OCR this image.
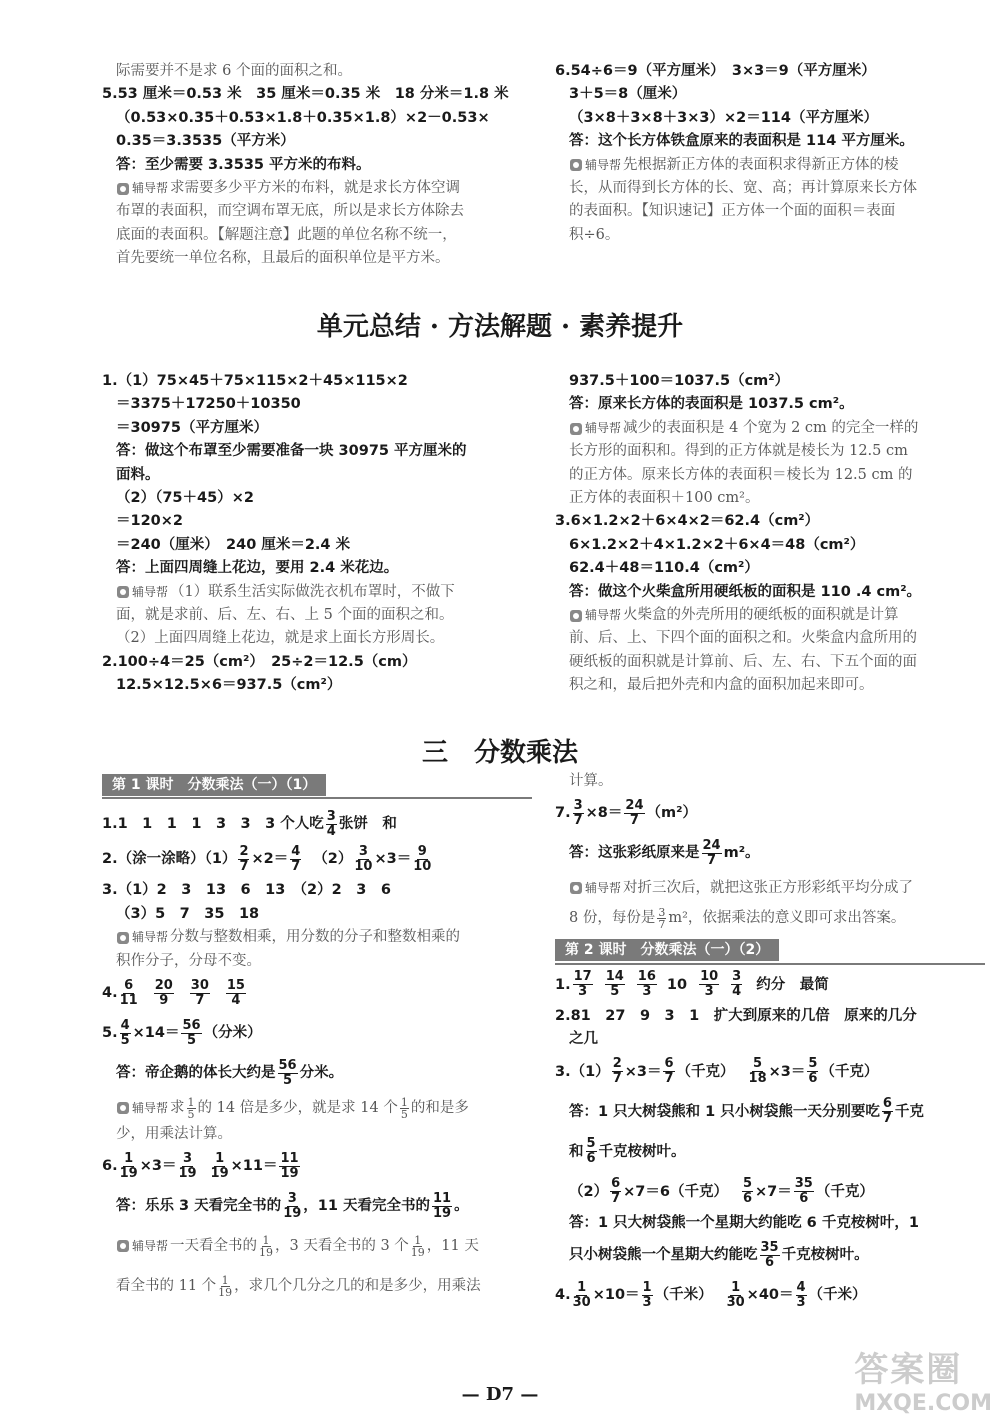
际需要并不是求 6 个面的面积之和。
5.53 厘米＝0.53 米　35 厘米＝0.35 米　18 分米＝1.8 米
（0.53×0.35＋0.53×1.8＋0.35×1.8）×2－0.53×
0.35＝3.3535（平方米）
答：至少需要 3.3535 平方米的布料。
辅导帮 求需要多少平方米的布料，就是求长方体空调
布罩的表面积，而空调布罩无底，所以是求长方体除去
底面的表面积。【解题注意】此题的单位名称不统一，
首先要统一单位名称，且最后的面积单位是平方米。
6.54÷6＝9（平方厘米）　3×3＝9（平方厘米）
3＋5＝8（厘米）
（3×8＋3×8＋3×3）×2＝114（平方厘米）
答：这个长方体铁盒原来的表面积是 114 平方厘米。
辅导帮 先根据新正方体的表面积求得新正方体的棱
长，从而得到长方体的长、宽、高；再计算原来长方体
的表面积。【知识速记】正方体一个面的面积＝表面
积÷6。
单元总结 · 方法解题 · 素养提升
1.（1）75×45＋75×115×2＋45×115×2
＝3375＋17250＋10350
＝30975（平方厘米）
答：做这个布罩至少需要准备一块 30975 平方厘米的
面料。
（2）（75＋45）×2
＝120×2
＝240（厘米）　240 厘米＝2.4 米
答：上面四周缝上花边，要用 2.4 米花边。
辅导帮 （1）联系生活实际做洗衣机布罩时，不做下
面，就是求前、后、左、右、上 5 个面的面积之和。
（2）上面四周缝上花边，就是求上面长方形周长。
2.100÷4＝25（cm²）　25÷2＝12.5（cm）
12.5×12.5×6＝937.5（cm²）
937.5＋100＝1037.5（cm²）
答：原来长方体的表面积是 1037.5 cm²。
辅导帮 减少的表面积是 4 个宽为 2 cm 的完全一样的
长方形的面积和。得到的正方体就是棱长为 12.5 cm
的正方体。原来长方体的表面积＝棱长为 12.5 cm 的
正方体的表面积＋100 cm²。
3.6×1.2×2＋6×4×2＝62.4（cm²）
6×1.2×2＋4×1.2×2＋6×4＝48（cm²）
62.4＋48＝110.4（cm²）
答：做这个火柴盒所用硬纸板的面积是 110 .4 cm²。
辅导帮 火柴盒的外壳所用的硬纸板的面积就是计算
前、后、上、下四个面的面积之和。火柴盒内盒所用的
硬纸板的面积就是计算前、后、左、右、下五个面的面
积之和，最后把外壳和内盒的面积加起来即可。
三　分数乘法
第 1 课时　分数乘法（一）（1）
1.1　1　1　1　3　3　3 个人吃 3
4 张饼　和
2.（涂一涂略）$(1) \frac{2}{7} \times 2= 4$
7 $(2) \frac{3}{10} \times 3= 9$
10
3.（1）2　3　13　6　13　（2）2　3　6
（3）5　7　35　18
辅导帮 分数与整数相乘，用分数的分子和整数相乘的
积作分子，分母不变。
4. 6
11
20
9
30
7
15
4
5. $\frac{4}{5} \times 14= 56$
5 （分米）
答：帝企鹅的体长大约是 56
5 分米。
辅导帮 求 1
5 的 14 倍是多少，就是求 14 个 1
5 的和是多
少，用乘法计算。
6. $\frac{1}{19} \times 3= 3$
$19 \frac{1}{19} \times 11= 11$
19
答：乐乐 3 天看完全书的 3
19 ，11 天看完全书的 11
19 。
辅导帮 一天看全书的 1
19 ，3 天看全书的 3 个 1
19 ，11 天
看全书的 11 个 1
19 ，求几个几分之几的和是多少，用乘法
计算。
7. $\frac{3}{7} \times 8= 24$
7 （m²）
答：这张彩纸原来是 24
7 m²。
辅导帮 对折三次后，就把这张正方形彩纸平均分成了
8 份，每份是 3
7 m²，依据乘法的意义即可求出答案。
第 2 课时　分数乘法（一）（2）
1. 17
3
14
5
16
3 10 10
3
3
4 约分　最简
2.81　27　9　3　1　扩大到原来的几倍　原来的几分
之几
$3.(1) \frac{2}{7} \times 3= 6$
7 （千克） $\frac{5}{18} \times 3= 5$
6 （千克）
答：1 只大树袋熊和 1 只小树袋熊一天分别要吃 6
7 千克
和 5
6 千克桉树叶。
$(2) \frac{6}{7} \times 7=6$（千克） $\frac{5}{6} \times 7= 35$
6 （千克）
答：1 只大树袋熊一个星期大约能吃 6 千克桉树叶，1
只小树袋熊一个星期大约能吃 35
6 千克桉树叶。
4. $\frac{1}{30} \times 10= 1$
3 （千米） $\frac{1}{30} \times 40= 4$
3 （千米）
— D7 —
答案圈
MXQE.COM
